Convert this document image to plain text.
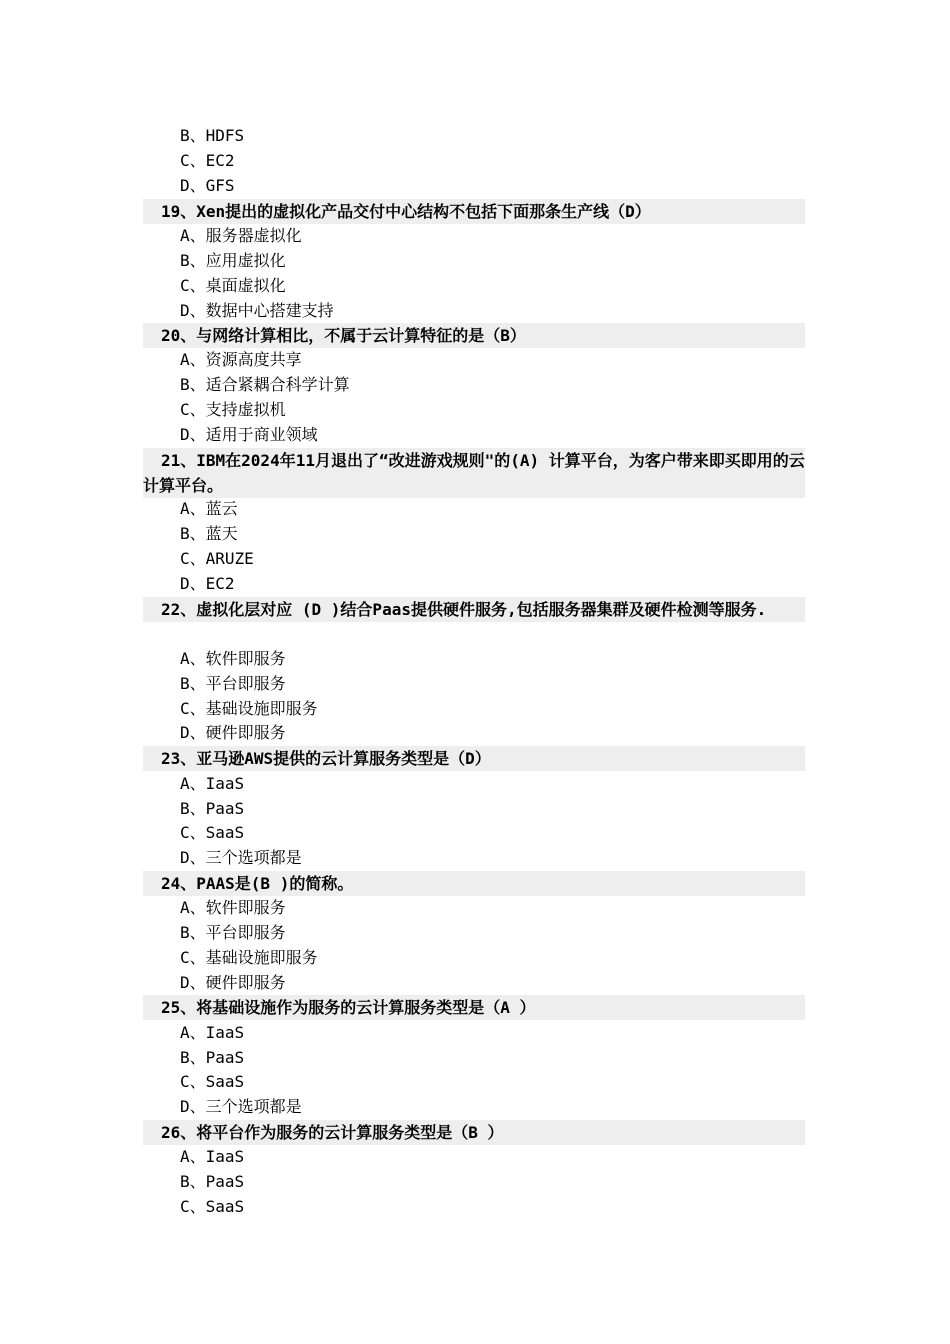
B、HDFS
C、EC2
D、GFS
19、Xen提出的虚拟化产品交付中心结构不包括下面那条生产线（D）
A、服务器虚拟化
B、应用虚拟化
C、桌面虚拟化
D、数据中心搭建支持
20、与网络计算相比，不属于云计算特征的是（B）
A、资源高度共享
B、适合紧耦合科学计算
C、支持虚拟机
D、适用于商业领域
21、IBM在2024年11月退出了“改进游戏规则"的(A) 计算平台，为客户带来即买即用的云计算平台。
A、蓝云
B、蓝天
C、ARUZE
D、EC2
22、虚拟化层对应 (D )结合Paas提供硬件服务,包括服务器集群及硬件检测等服务.
A、软件即服务
B、平台即服务
C、基础设施即服务
D、硬件即服务
23、亚马逊AWS提供的云计算服务类型是（D）
A、IaaS
B、PaaS
C、SaaS
D、三个选项都是
24、PAAS是(B )的简称。
A、软件即服务
B、平台即服务
C、基础设施即服务
D、硬件即服务
25、将基础设施作为服务的云计算服务类型是（A ）
A、IaaS
B、PaaS
C、SaaS
D、三个选项都是
26、将平台作为服务的云计算服务类型是（B ）
A、IaaS
B、PaaS
C、SaaS
